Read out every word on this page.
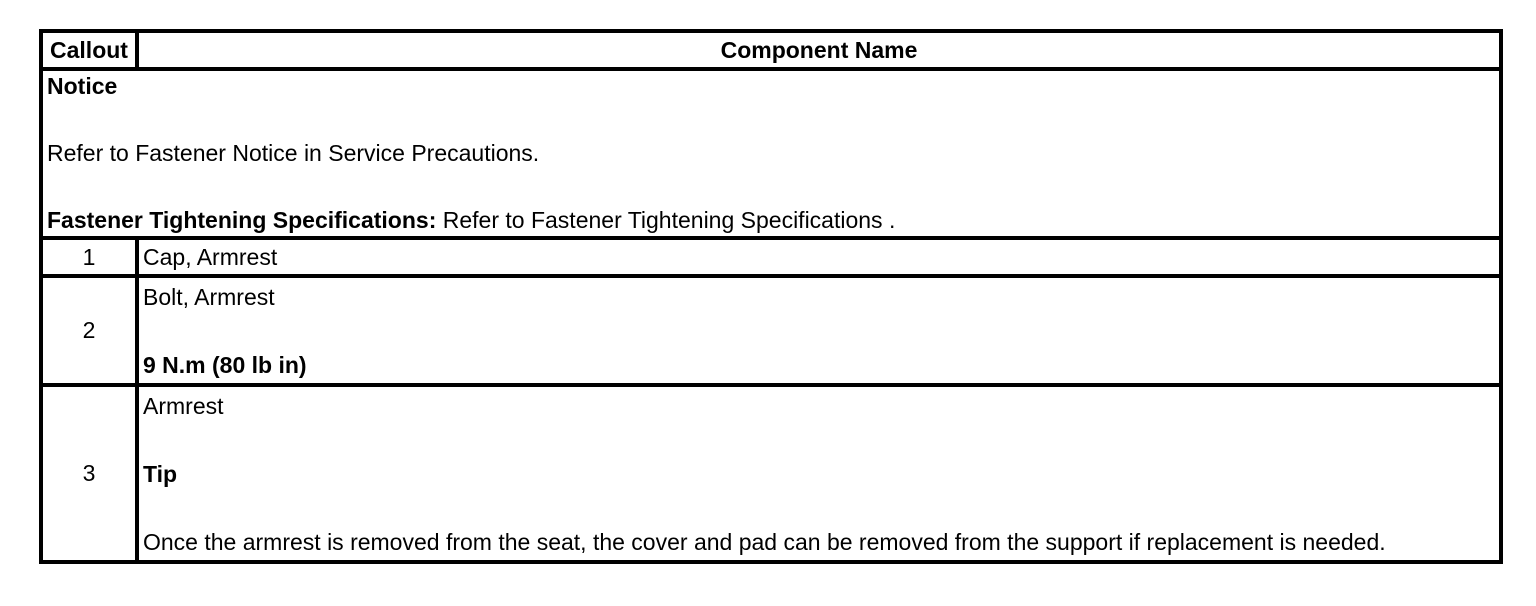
Callout	Component Name

Notice

Refer to Fastener Notice in Service Precautions.

Fastener Tightening Specifications: Refer to Fastener Tightening Specifications .	

1	Cap, Armrest

2	Bolt, Armrest

9 N.m (80 lb in)

3	Armrest

Tip

Once the armrest is removed from the seat, the cover and pad can be removed from the support if replacement is needed.
